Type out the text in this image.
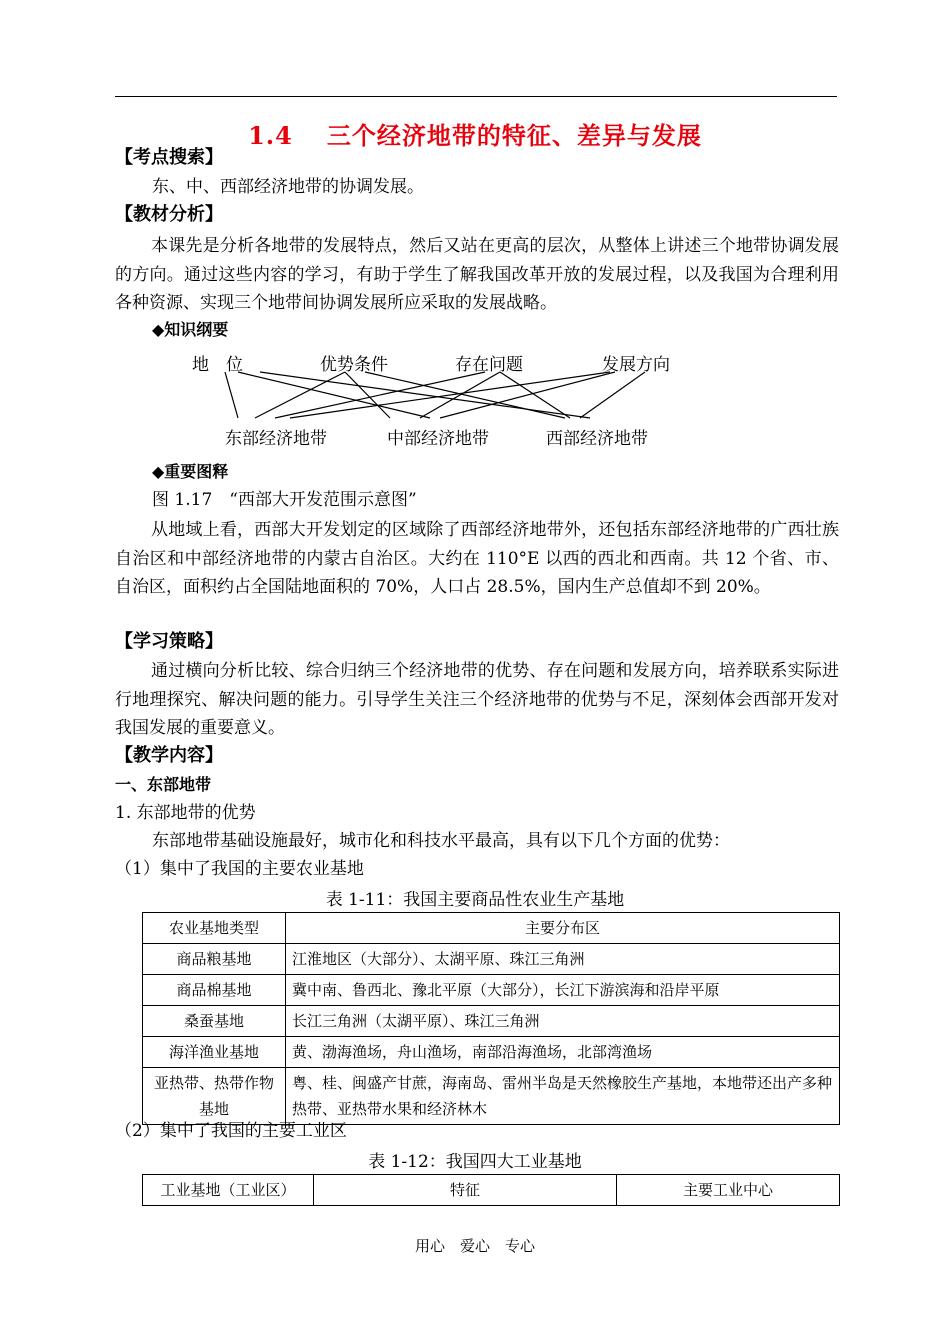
1.4 三个经济地带的特征、差异与发展
【考点搜索】
东、中、西部经济地带的协调发展。
【教材分析】
本课先是分析各地带的发展特点，然后又站在更高的层次，从整体上讲述三个地带协调发展的方向。通过这些内容的学习，有助于学生了解我国改革开放的发展过程，以及我国为合理利用各种资源、实现三个地带间协调发展所应采取的发展战略。
◆知识纲要
地　位	优势条件	存在问题	发展方向
东部经济地带	中部经济地带	西部经济地带
◆重要图释
图 1.17　“西部大开发范围示意图”
从地域上看，西部大开发划定的区域除了西部经济地带外，还包括东部经济地带的广西壮族自治区和中部经济地带的内蒙古自治区。大约在 110°E 以西的西北和西南。共 12 个省、市、自治区，面积约占全国陆地面积的 70%，人口占 28.5%，国内生产总值却不到 20%。
【学习策略】
通过横向分析比较、综合归纳三个经济地带的优势、存在问题和发展方向，培养联系实际进行地理探究、解决问题的能力。引导学生关注三个经济地带的优势与不足，深刻体会西部开发对我国发展的重要意义。
【教学内容】
一、东部地带
1. 东部地带的优势
东部地带基础设施最好，城市化和科技水平最高，具有以下几个方面的优势：
（1）集中了我国的主要农业基地
表 1-11：我国主要商品性农业生产基地
农业基地类型	主要分布区
商品粮基地	江淮地区（大部分）、太湖平原、珠江三角洲
商品棉基地	冀中南、鲁西北、豫北平原（大部分），长江下游滨海和沿岸平原
桑蚕基地	长江三角洲（太湖平原）、珠江三角洲
海洋渔业基地	黄、渤海渔场，舟山渔场，南部沿海渔场，北部湾渔场
亚热带、热带作物基地	粤、桂、闽盛产甘蔗，海南岛、雷州半岛是天然橡胶生产基地，本地带还出产多种热带、亚热带水果和经济林木
（2）集中了我国的主要工业区
表 1-12：我国四大工业基地
工业基地（工业区）	特征	主要工业中心
用心　爱心　专心
